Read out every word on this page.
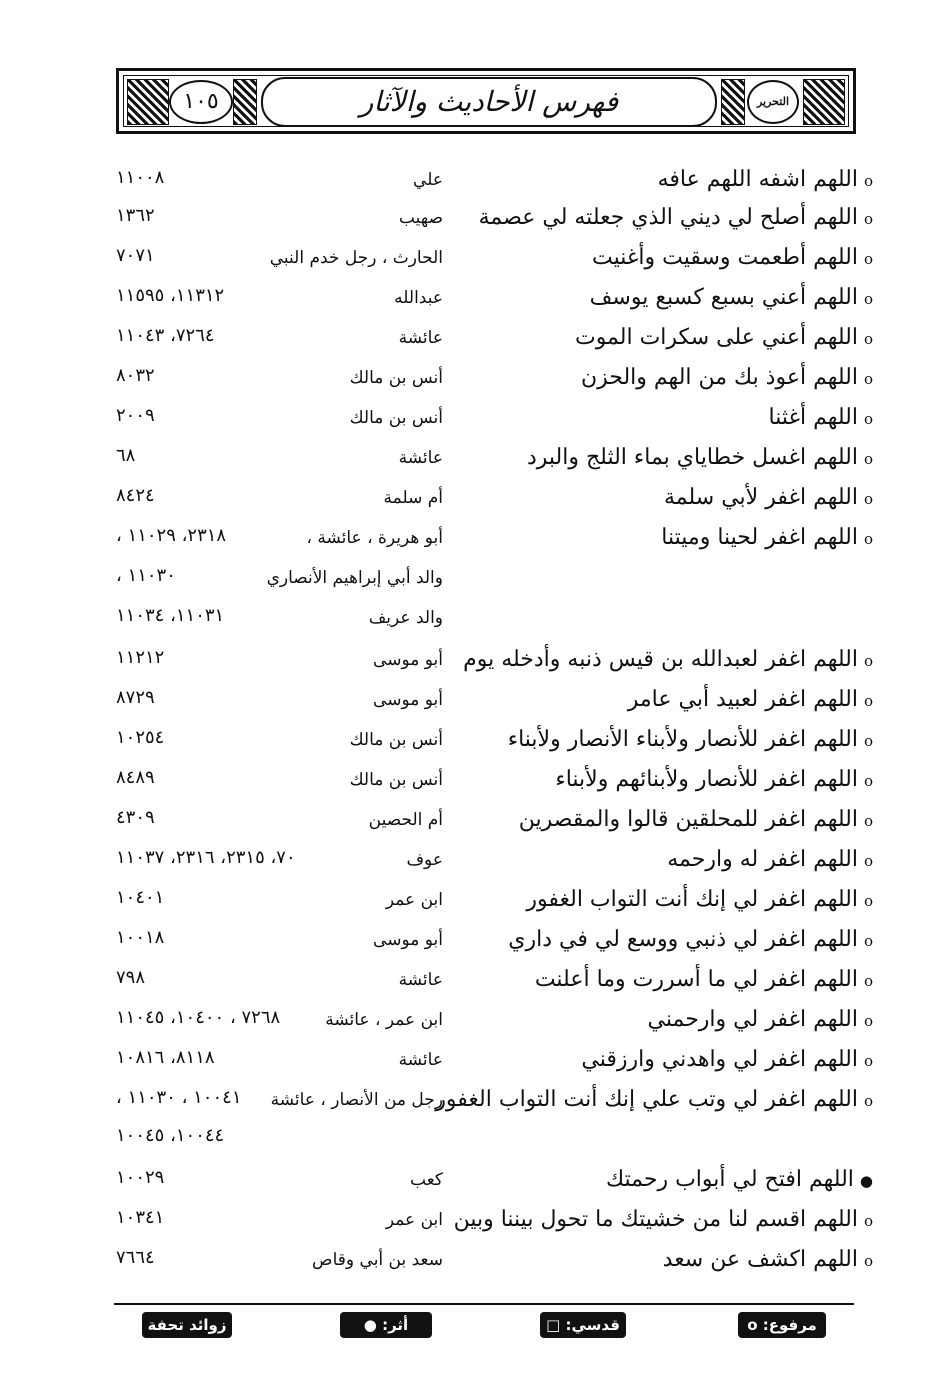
التحرير
١٠٥	فهرس الأحاديث والآثار
oاللهم اشفه اللهم عافه
علي
١١٠٠٨
oاللهم أصلح لي ديني الذي جعلته لي عصمة
صهيب
١٣٦٢
oاللهم أطعمت وسقيت وأغنيت
الحارث ، رجل خدم النبي
٧٠٧١
oاللهم أعني بسبع كسبع يوسف
عبدالله
١١٣١٢، ١١٥٩٥
oاللهم أعني على سكرات الموت
عائشة
٧٢٦٤، ١١٠٤٣
oاللهم أعوذ بك من الهم والحزن
أنس بن مالك
٨٠٣٢
oاللهم أغثنا
أنس بن مالك
٢٠٠٩
oاللهم اغسل خطاياي بماء الثلج والبرد
عائشة
٦٨
oاللهم اغفر لأبي سلمة
أم سلمة
٨٤٢٤
oاللهم اغفر لحينا وميتنا
أبو هريرة ، عائشة ،
٢٣١٨، ١١٠٢٩ ،
والد أبي إبراهيم الأنصاري
١١٠٣٠ ،
والد عريف
١١٠٣١، ١١٠٣٤
oاللهم اغفر لعبدالله بن قيس ذنبه وأدخله يوم
أبو موسى
١١٢١٢
oاللهم اغفر لعبيد أبي عامر
أبو موسى
٨٧٢٩
oاللهم اغفر للأنصار ولأبناء الأنصار ولأبناء
أنس بن مالك
١٠٢٥٤
oاللهم اغفر للأنصار ولأبنائهم ولأبناء
أنس بن مالك
٨٤٨٩
oاللهم اغفر للمحلقين قالوا والمقصرين
أم الحصين
٤٣٠٩
oاللهم اغفر له وارحمه
عوف
٧٠، ٢٣١٥، ٢٣١٦، ١١٠٣٧
oاللهم اغفر لي إنك أنت التواب الغفور
ابن عمر
١٠٤٠١
oاللهم اغفر لي ذنبي ووسع لي في داري
أبو موسى
١٠٠١٨
oاللهم اغفر لي ما أسررت وما أعلنت
عائشة
٧٩٨
oاللهم اغفر لي وارحمني
ابن عمر ، عائشة
٧٢٦٨ ، ١٠٤٠٠، ١١٠٤٥
oاللهم اغفر لي واهدني وارزقني
عائشة
٨١١٨، ١٠٨١٦
oاللهم اغفر لي وتب علي إنك أنت التواب الغفور
رجل من الأنصار ، عائشة
١٠٠٤١ ، ١١٠٣٠ ،
١٠٠٤٤، ١٠٠٤٥
●اللهم افتح لي أبواب رحمتك
كعب
١٠٠٢٩
oاللهم اقسم لنا من خشيتك ما تحول بيننا وبين
ابن عمر
١٠٣٤١
oاللهم اكشف عن سعد
سعد بن أبي وقاص
٧٦٦٤
مرفوع: o
قدسي: □
أثر: ●
زوائد تحفة ❊
